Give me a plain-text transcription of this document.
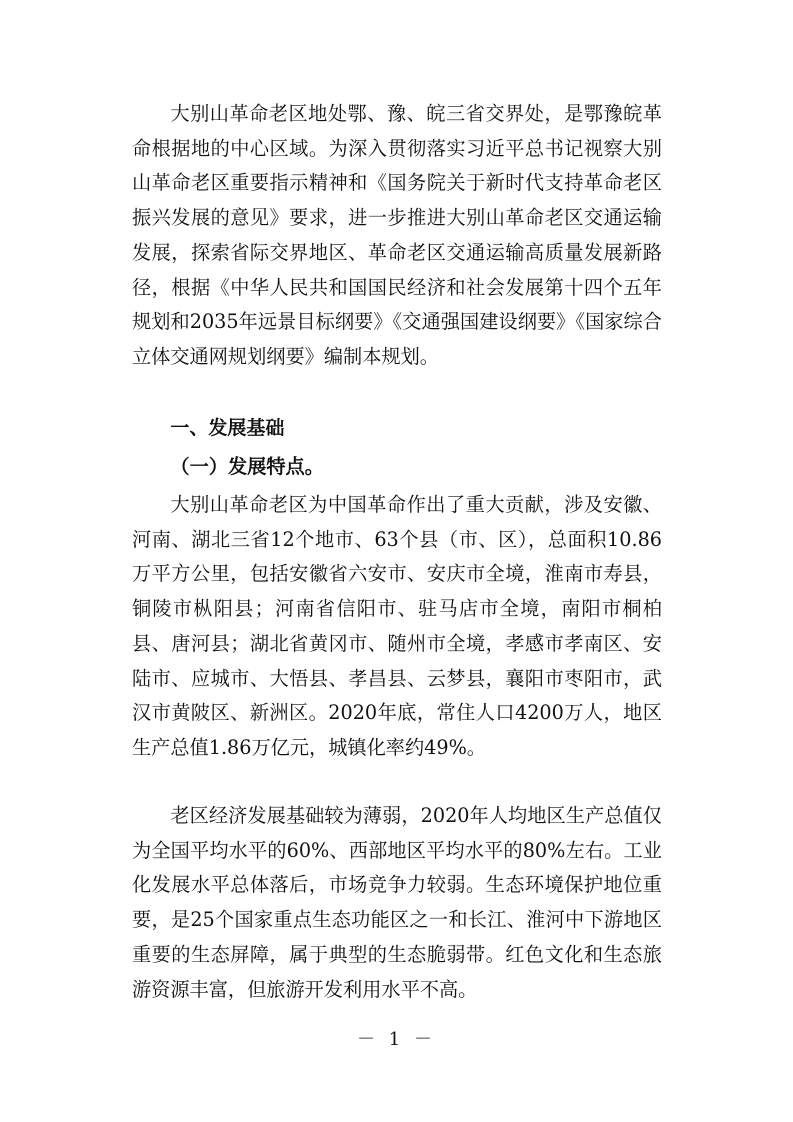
大别山革命老区地处鄂、豫、皖三省交界处，是鄂豫皖革命根据地的中心区域。为深入贯彻落实习近平总书记视察大别山革命老区重要指示精神和《国务院关于新时代支持革命老区振兴发展的意见》要求，进一步推进大别山革命老区交通运输发展，探索省际交界地区、革命老区交通运输高质量发展新路径，根据《中华人民共和国国民经济和社会发展第十四个五年规划和2035年远景目标纲要》《交通强国建设纲要》《国家综合立体交通网规划纲要》编制本规划。

一、发展基础
（一）发展特点。

大别山革命老区为中国革命作出了重大贡献，涉及安徽、河南、湖北三省12个地市、63个县（市、区），总面积10.86万平方公里，包括安徽省六安市、安庆市全境，淮南市寿县，铜陵市枞阳县；河南省信阳市、驻马店市全境，南阳市桐柏县、唐河县；湖北省黄冈市、随州市全境，孝感市孝南区、安陆市、应城市、大悟县、孝昌县、云梦县，襄阳市枣阳市，武汉市黄陂区、新洲区。2020年底，常住人口4200万人，地区生产总值1.86万亿元，城镇化率约49%。

老区经济发展基础较为薄弱，2020年人均地区生产总值仅为全国平均水平的60%、西部地区平均水平的80%左右。工业化发展水平总体落后，市场竞争力较弱。生态环境保护地位重要，是25个国家重点生态功能区之一和长江、淮河中下游地区重要的生态屏障，属于典型的生态脆弱带。红色文化和生态旅游资源丰富，但旅游开发利用水平不高。

－ 1 －
